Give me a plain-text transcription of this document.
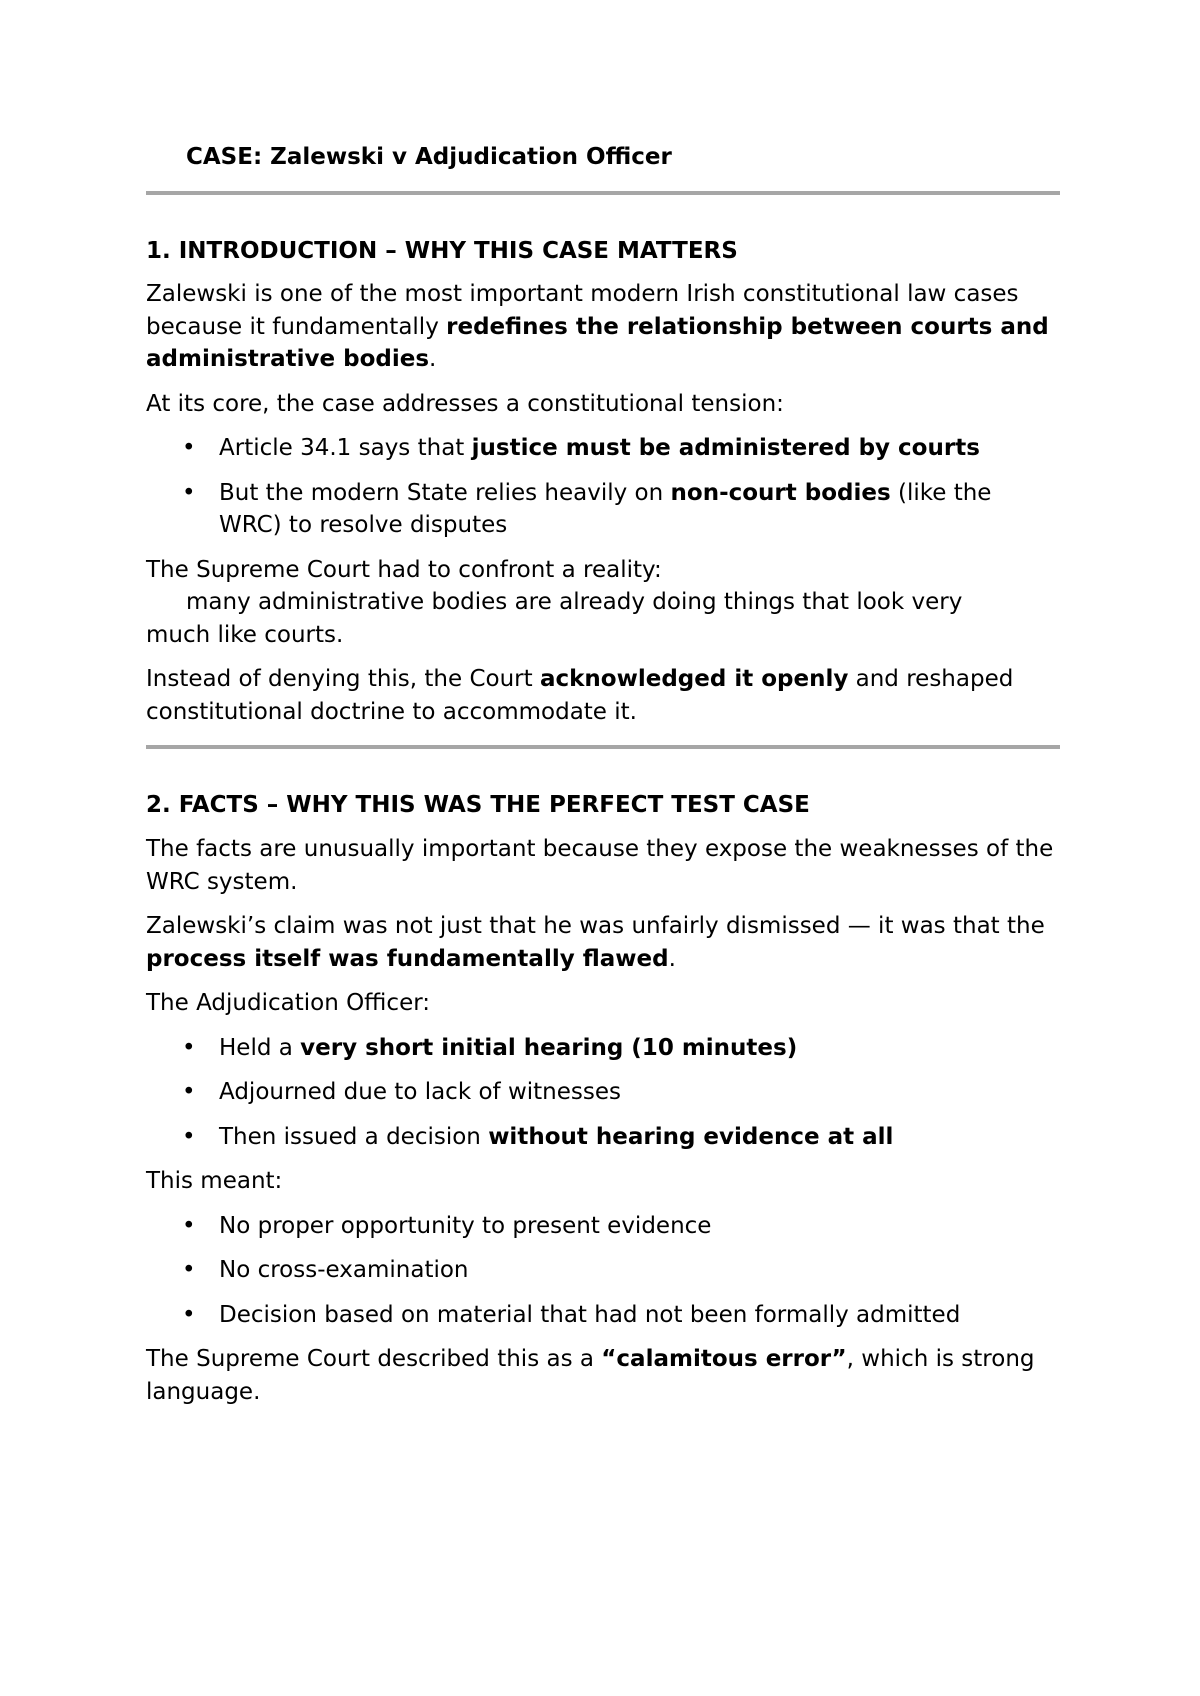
CASE: Zalewski v Adjudication Officer
1. INTRODUCTION – WHY THIS CASE MATTERS

Zalewski is one of the most important modern Irish constitutional law cases because it fundamentally redefines the relationship between courts and administrative bodies.

At its core, the case addresses a constitutional tension:

• Article 34.1 says that justice must be administered by courts
• But the modern State relies heavily on non-court bodies (like the WRC) to resolve disputes

The Supreme Court had to confront a reality:
many administrative bodies are already doing things that look very
much like courts.

Instead of denying this, the Court acknowledged it openly and reshaped constitutional doctrine to accommodate it.

2. FACTS – WHY THIS WAS THE PERFECT TEST CASE

The facts are unusually important because they expose the weaknesses of the WRC system.

Zalewski’s claim was not just that he was unfairly dismissed — it was that the process itself was fundamentally flawed.

The Adjudication Officer:

• Held a very short initial hearing (10 minutes)
• Adjourned due to lack of witnesses
• Then issued a decision without hearing evidence at all

This meant:

• No proper opportunity to present evidence
• No cross-examination
• Decision based on material that had not been formally admitted

The Supreme Court described this as a “calamitous error”, which is strong language.
